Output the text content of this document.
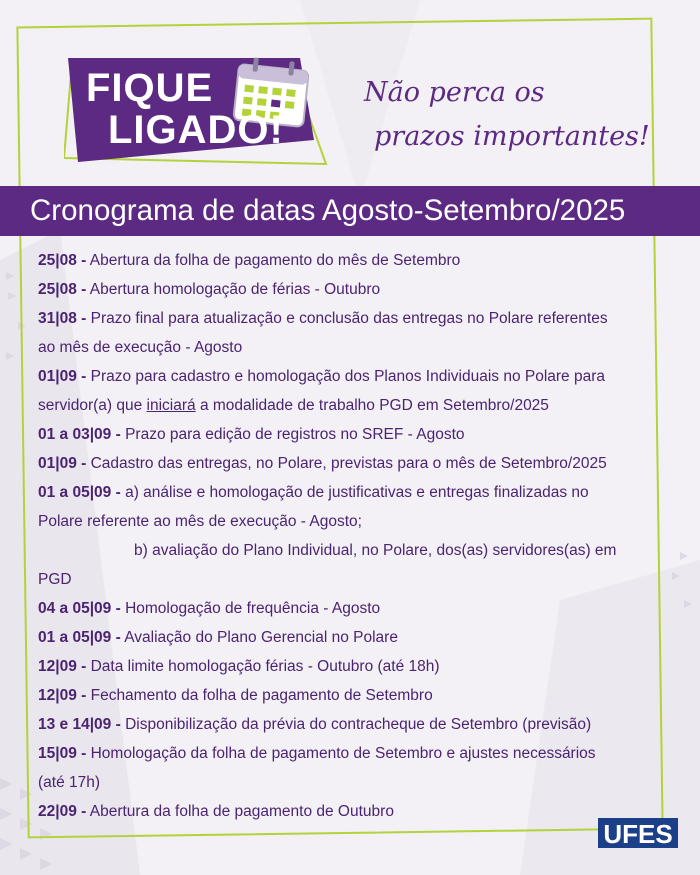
FIQUE
LIGADO!
Não perca os
prazos importantes!
Cronograma de datas Agosto-Setembro/2025
25|08 - Abertura da folha de pagamento do mês de Setembro
25|08 - Abertura homologação de férias - Outubro
31|08 - Prazo final para atualização e conclusão das entregas no Polare referentes
ao mês de execução - Agosto
01|09 - Prazo para cadastro e homologação dos Planos Individuais no Polare para
servidor(a) que iniciará a modalidade de trabalho PGD em Setembro/2025
01 a 03|09 - Prazo para edição de registros no SREF - Agosto
01|09 - Cadastro das entregas, no Polare, previstas para o mês de Setembro/2025
01 a 05|09 - a) análise e homologação de justificativas e entregas finalizadas no
Polare referente ao mês de execução - Agosto;
b) avaliação do Plano Individual, no Polare, dos(as) servidores(as) em
PGD
04 a 05|09 - Homologação de frequência - Agosto
01 a 05|09 - Avaliação do Plano Gerencial no Polare
12|09 - Data limite homologação férias - Outubro (até 18h)
12|09 - Fechamento da folha de pagamento de Setembro
13 e 14|09 - Disponibilização da prévia do contracheque de Setembro (previsão)
15|09 - Homologação da folha de pagamento de Setembro e ajustes necessários
(até 17h)
22|09 - Abertura da folha de pagamento de Outubro
UFES
